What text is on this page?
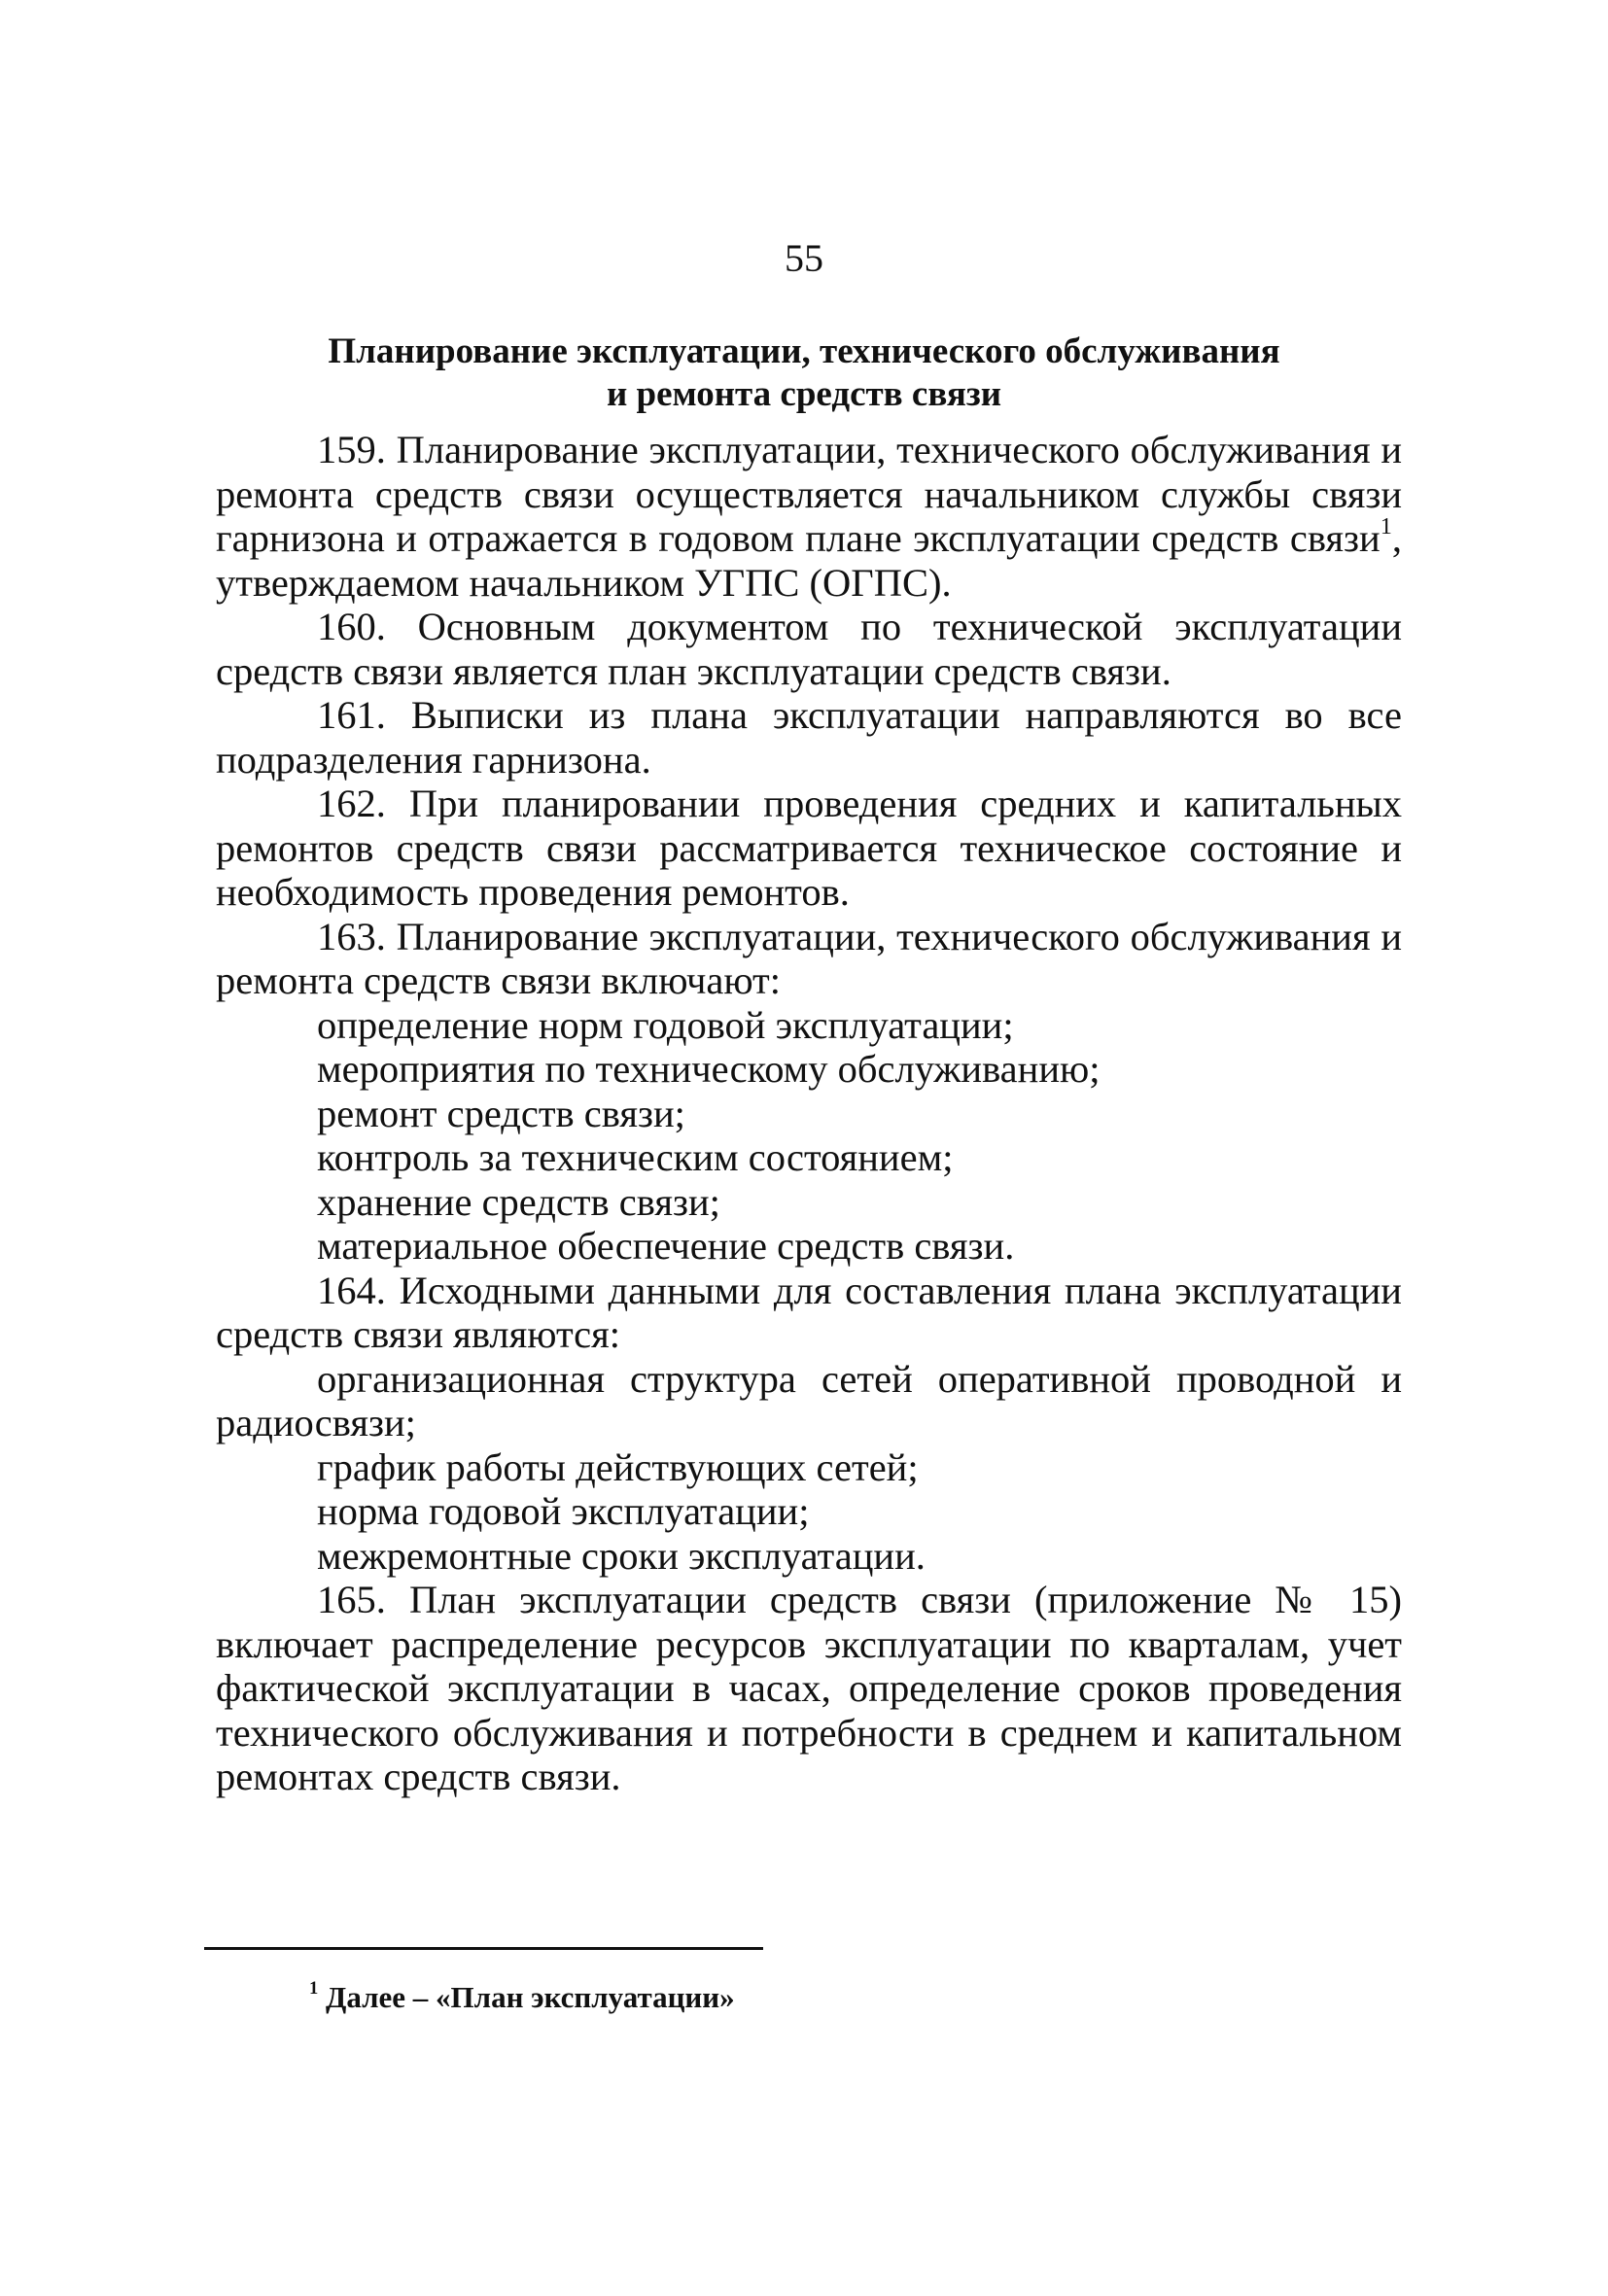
55
Планирование эксплуатации, технического обслуживания
и ремонта средств связи

159. Планирование эксплуатации, технического обслуживания и ремонта средств связи осуществляется начальником службы связи гарнизона и отражается в годовом плане эксплуатации средств связи$^1$, утверждаемом начальником УГПС (ОГПС).

160. Основным документом по технической эксплуатации средств связи является план эксплуатации средств связи.

161. Выписки из плана эксплуатации направляются во все подразделения гарнизона.

162. При планировании проведения средних и капитальных ремонтов средств связи рассматривается техническое состояние и необходимость проведения ремонтов.

163. Планирование эксплуатации, технического обслуживания и ремонта средств связи включают:

определение норм годовой эксплуатации;

мероприятия по техническому обслуживанию;

ремонт средств связи;

контроль за техническим состоянием;

хранение средств связи;

материальное обеспечение средств связи.

164. Исходными данными для составления плана эксплуатации средств связи являются:

организационная структура сетей оперативной проводной и радиосвязи;

график работы действующих сетей;

норма годовой эксплуатации;

межремонтные сроки эксплуатации.

165. План эксплуатации средств связи (приложение № 15) включает распределение ресурсов эксплуатации по кварталам, учет фактической эксплуатации в часах, определение сроков проведения технического обслуживания и потребности в среднем и капитальном ремонтах средств связи.

$^1$ Далее – «План эксплуатации»
